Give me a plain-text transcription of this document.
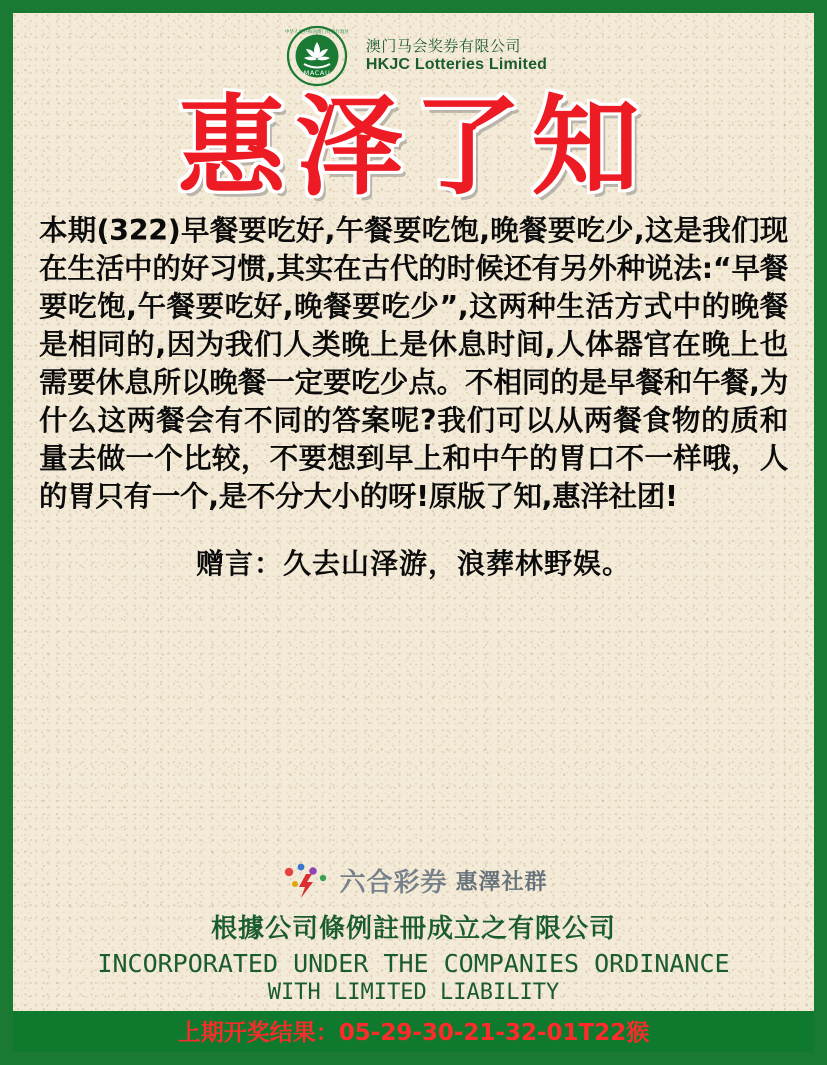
MACAU
中华人民共和国澳门特别行政区
澳门马会奖券有限公司
HKJC Lotteries Limited
惠泽了知
本期(322)早餐要吃好,午餐要吃饱,晚餐要吃少,这是我们现在生活中的好习惯,其实在古代的时候还有另外种说法:“早餐要吃饱,午餐要吃好,晚餐要吃少”,这两种生活方式中的晚餐是相同的,因为我们人类晚上是休息时间,人体器官在晚上也需要休息所以晚餐一定要吃少点。不相同的是早餐和午餐,为什么这两餐会有不同的答案呢?我们可以从两餐食物的质和量去做一个比较，不要想到早上和中午的胃口不一样哦，人的胃只有一个,是不分大小的呀!原版了知,惠洋社团!
赠言：久去山泽游，浪葬林野娱。
六合彩券 惠澤社群
根據公司條例註冊成立之有限公司
INCORPORATED UNDER THE COMPANIES ORDINANCE
WITH LIMITED LIABILITY
上期开奖结果：05-29-30-21-32-01T22猴
